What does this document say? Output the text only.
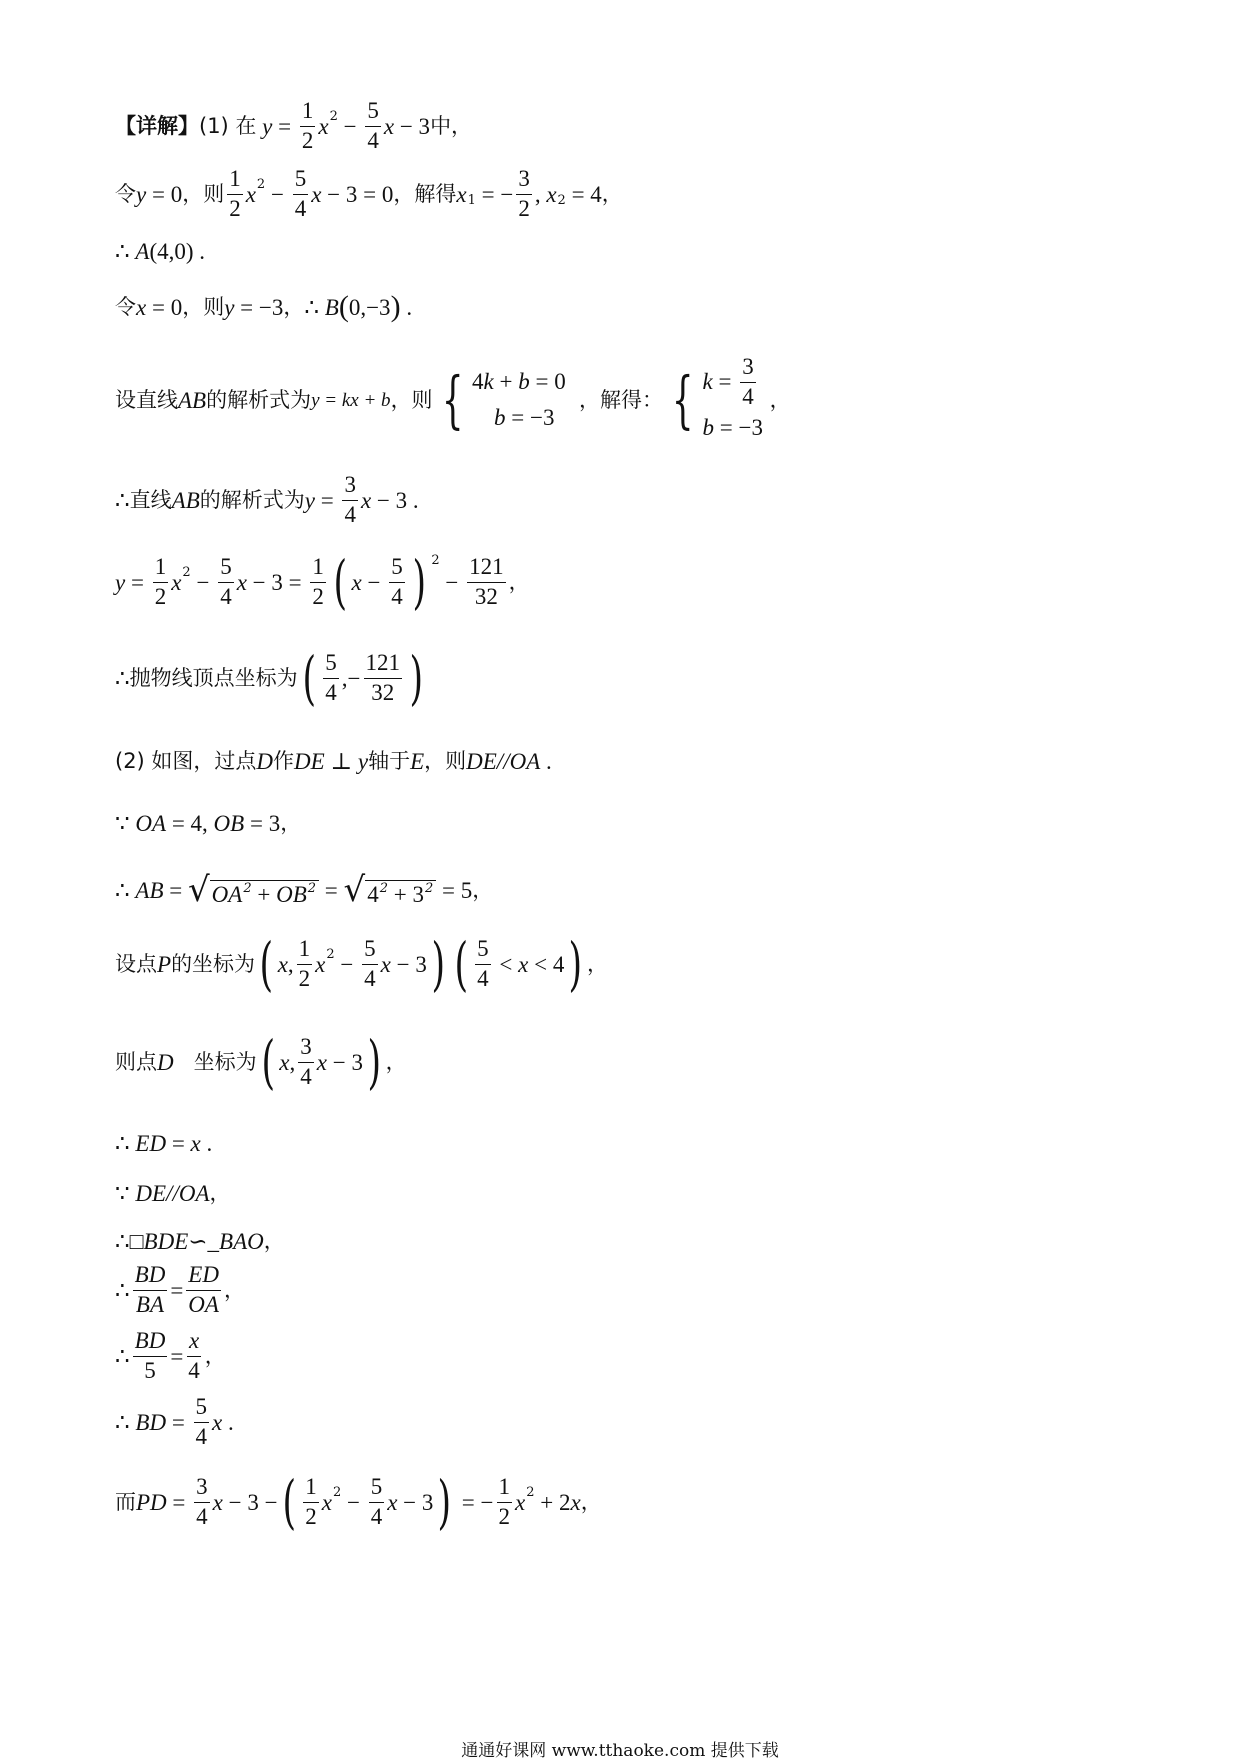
【详解】 (1) 在 $y = \frac{1}{2}$ x $2 - \frac{5}{4}$ x − 3 中，
令 y = 0 ，则 $\frac{1}{2}$ x $2 - \frac{5}{4}$ x − 3 = 0 ，解得 x 1 = − $\frac{3}{2}$ , x 2 = 4 ，
∴ A (4,0) .
令 x = 0 ，则 y = −3 ， ∴ B ( 0,−3 ) .
设直线 AB 的解析式为 y = kx + b ，则 { 4k + b = 0
b = −3
，解得： { $k = \frac{3}{4}$
b = −3
，
∴ 直线 AB 的解析式为 $y = \frac{3}{4}$ x − 3 .
$y = \frac{1}{2}$ x $2 - \frac{5}{4}$ $x - 3 = \frac{1}{2}$ ( $x - \frac{5}{4}$ ) 2
− $\frac{121}{32}$ ，
∴ 抛物线顶点坐标为 ( $\frac{5}{4}$ ,− $\frac{121}{32}$ )
(2) 如图，过点 D 作 DE ⊥ y 轴于 E ，则 DE//OA .
∵ OA = 4, OB = 3 ，
∴ AB = √ $OA^2 + OB^2$ = √ $4^2 + 3^2 = 5$ ，
设点 P 的坐标为 ( x , $\frac{1}{2}$ x $2 - \frac{5}{4}$ x − 3 ) ( $\frac{5}{4} < x < 4$ ) ，
则点 D 坐标为 ( x , $\frac{3}{4}$ x − 3 ) ，
∴ ED = x .
∵ DE//OA ，
∴□ BDE ∽_ BAO ，
∴ $\frac{BD}{BA} = \frac{ED}{OA}$ ，
∴ $\frac{BD}{5} = \frac{x}{4}$ ，
∴ BD = $\frac{5}{4}$ x .
而 PD = $\frac{3}{4}$ x − 3 − ( $\frac{1}{2}$ x $2 - \frac{5}{4}$ x − 3 ) = − $\frac{1}{2}$ x 2 + 2 x ，
通通好课网 www.tthaoke.com 提供下载
